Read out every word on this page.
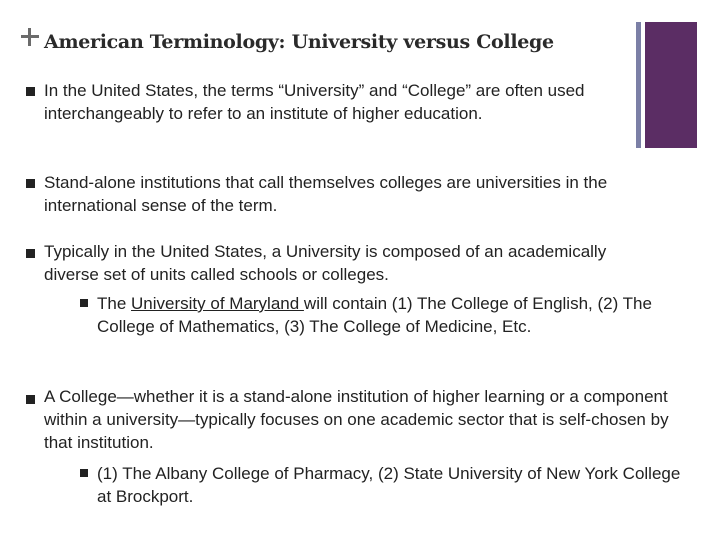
American Terminology: University versus College
In the United States, the terms “University” and “College” are often used interchangeably to refer to an institute of higher education.
Stand-alone institutions that call themselves colleges are universities in the international sense of the term.
Typically in the United States, a University is composed of an academically diverse set of units called schools or colleges.
The University of Maryland will contain (1) The College of English, (2) The College of Mathematics, (3) The College of Medicine, Etc.
A College—whether it is a stand-alone institution of higher learning or a component within a university—typically focuses on one academic sector that is self-chosen by that institution.
(1) The Albany College of Pharmacy, (2) State University of New York College at Brockport.
